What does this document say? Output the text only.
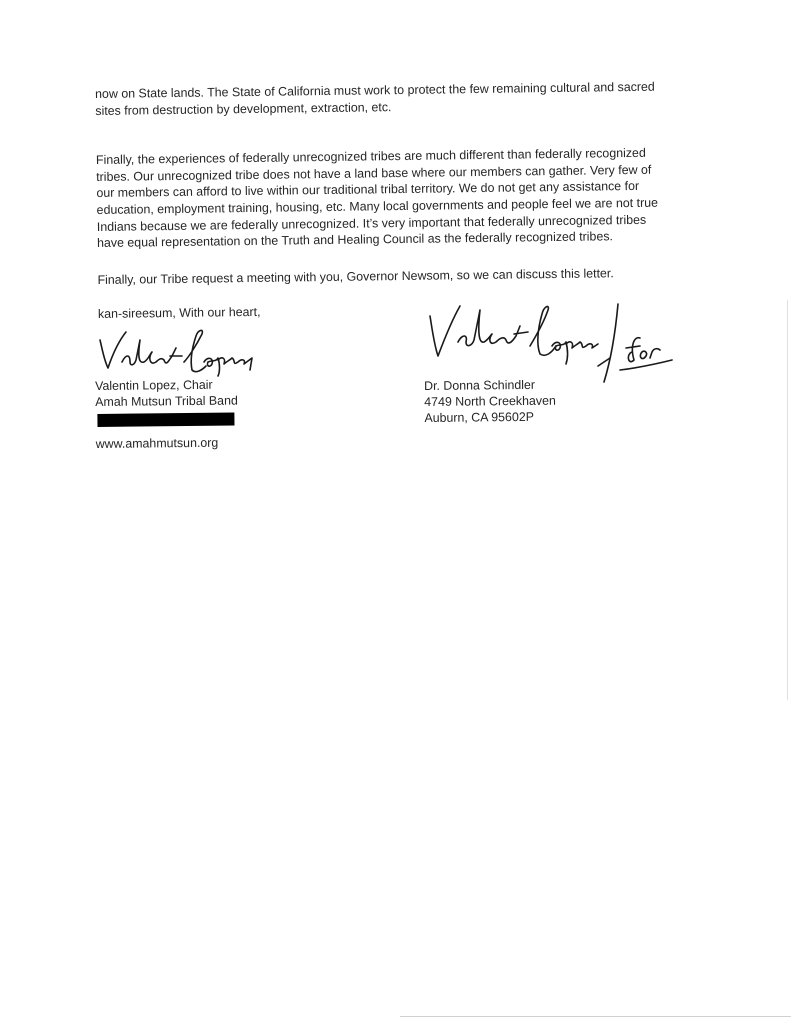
now on State lands. The State of California must work to protect the few remaining cultural and sacred
sites from destruction by development, extraction, etc.

Finally, the experiences of federally unrecognized tribes are much different than federally recognized
tribes. Our unrecognized tribe does not have a land base where our members can gather. Very few of
our members can afford to live within our traditional tribal territory. We do not get any assistance for
education, employment training, housing, etc. Many local governments and people feel we are not true
Indians because we are federally unrecognized. It’s very important that federally unrecognized tribes
have equal representation on the Truth and Healing Council as the federally recognized tribes.

Finally, our Tribe request a meeting with you, Governor Newsom, so we can discuss this letter.

kan-sireesum, With our heart,

Valentin Lopez, Chair
Amah Mutsun Tribal Band
www.amahmutsun.org
Dr. Donna Schindler
4749 North Creekhaven
Auburn, CA 95602P
